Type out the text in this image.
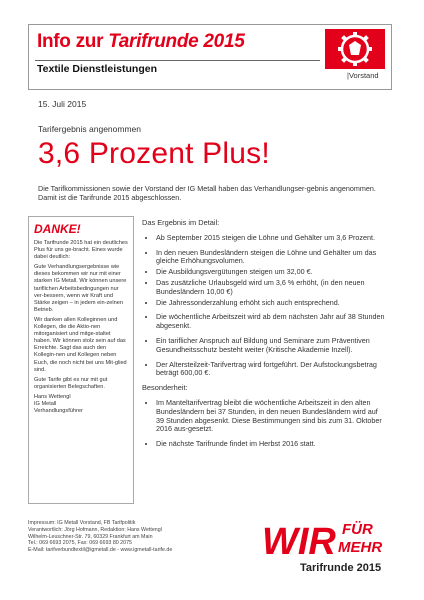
Info zur Tarifrunde 2015
Textile Dienstleistungen
|Vorstand
15. Juli 2015
Tarifergebnis angenommen
3,6 Prozent Plus!
Die Tarifkommissionen sowie der Vorstand der IG Metall haben das Verhandlungser-gebnis angenommen. Damit ist die Tarifrunde 2015 abgeschlossen.
DANKE!

Die Tarifrunde 2015 hat ein deutliches Plus für uns ge-bracht. Eines wurde dabei deutlich:

Gute Verhandlungsergebnisse wie dieses bekommen wir nur mit einer starken IG Metall. Wir können unsere tariflichen Arbeitsbedingungen nur ver-bessern, wenn wir Kraft und Stärke zeigen – in jedem ein-zelnen Betrieb.

Wir danken allen Kolleginnen und Kollegen, die die Aktio-nen mitorganisiert und mitge-staltet haben. Wir können stolz sein auf das Erreichte. Sagt das auch den Kollegin-nen und Kollegen neben Euch, die noch nicht bei uns Mit-glied sind.

Gute Tarife gibt es nur mit gut organisierten Belegschaften.

Hans Wettengl
IG Metall
Verhandlungsführer

Das Ergebnis im Detail:
• Ab September 2015 steigen die Löhne und Gehälter um 3,6 Prozent.
• In den neuen Bundesländern steigen die Löhne und Gehälter um das gleiche Erhöhungsvolumen.
• Die Ausbildungsvergütungen steigen um 32,00 €.
• Das zusätzliche Urlaubsgeld wird um 3,6 % erhöht, (in den neuen Bundesländern 10,00 €)
• Die Jahressonderzahlung erhöht sich auch entsprechend.
• Die wöchentliche Arbeitszeit wird ab dem nächsten Jahr auf 38 Stunden abgesenkt.
• Ein tariflicher Anspruch auf Bildung und Seminare zum Präventiven Gesundheitsschutz besteht weiter (Kritische Akademie Inzell).
• Der Altersteilzeit-Tarifvertrag wird fortgeführt. Der Aufstockungsbetrag beträgt 600,00 €.
Besonderheit:
• Im Manteltarifvertrag bleibt die wöchentliche Arbeitszeit in den alten Bundesländern bei 37 Stunden, in den neuen Bundesländern wird auf 39 Stunden abgesenkt. Diese Bestimmungen sind bis zum 31. Oktober 2016 aus-gesetzt.
• Die nächste Tarifrunde findet im Herbst 2016 statt.
Impressum: IG Metall Vorstand, FB Tarifpolitik
Verantwortlich: Jörg Hofmann, Redaktion: Hans Wettengl
Wilhelm-Leuschner-Str. 79, 60329 Frankfurt am Main
Tel.: 069 6693 2075, Fax: 069 6693 80 2075
E-Mail: tarifverbundtextil@igmetall.de - www.igmetall-tarife.de	WIR FÜR
MEHR
Tarifrunde 2015
